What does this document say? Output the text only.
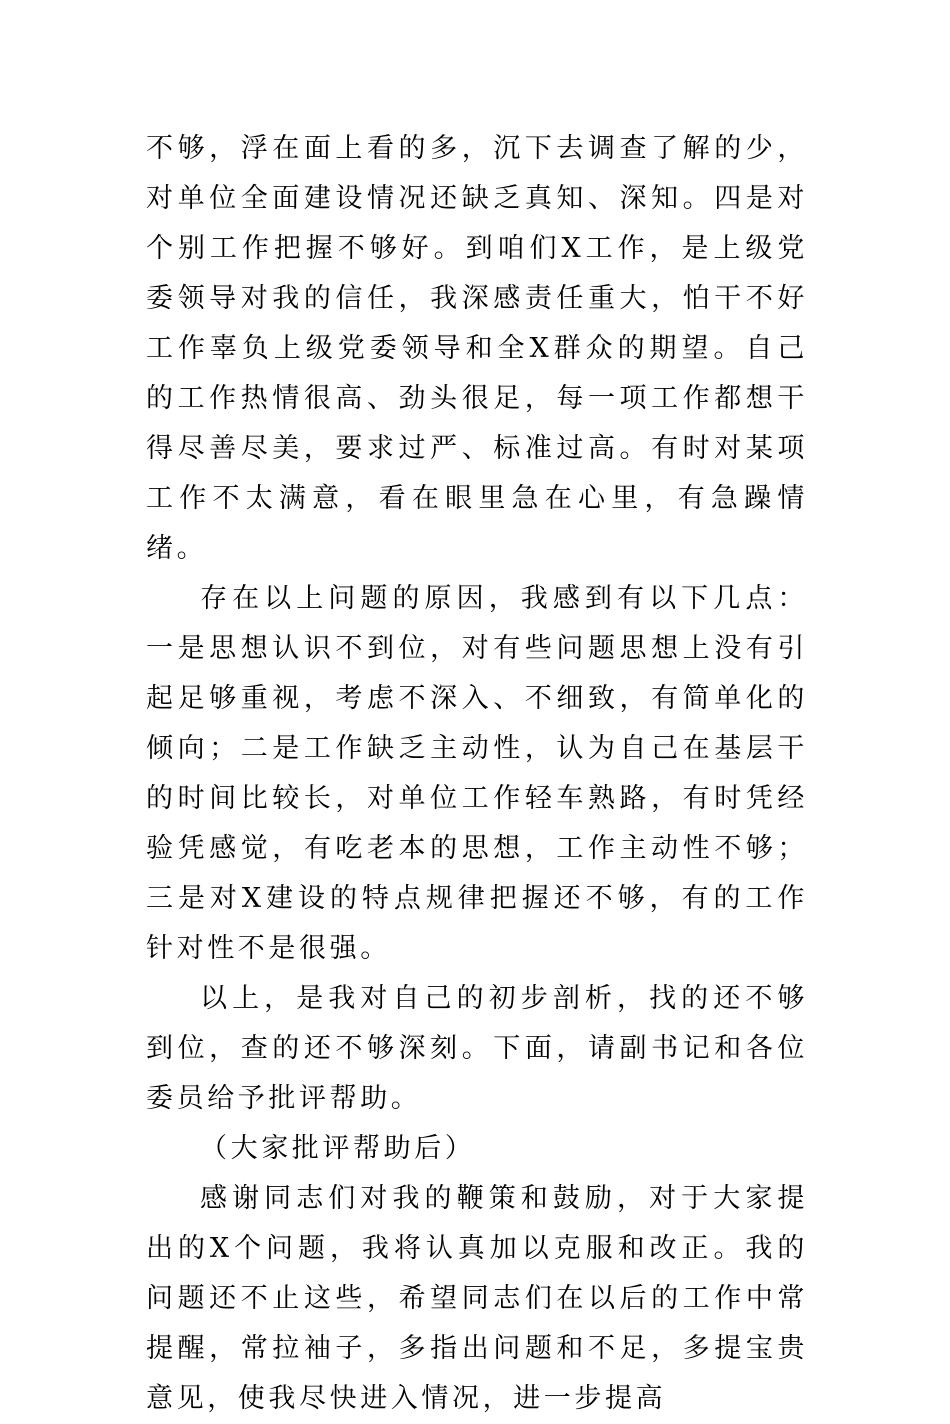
不够，浮在面上看的多，沉下去调查了解的少，对单位全面建设情况还缺乏真知、深知。四是对个别工作把握不够好。到咱们X工作，是上级党委领导对我的信任，我深感责任重大，怕干不好工作辜负上级党委领导和全X群众的期望。自己的工作热情很高、劲头很足，每一项工作都想干得尽善尽美，要求过严、标准过高。有时对某项工作不太满意，看在眼里急在心里，有急躁情绪。

存在以上问题的原因，我感到有以下几点：一是思想认识不到位，对有些问题思想上没有引起足够重视，考虑不深入、不细致，有简单化的倾向；二是工作缺乏主动性，认为自己在基层干的时间比较长，对单位工作轻车熟路，有时凭经验凭感觉，有吃老本的思想，工作主动性不够；三是对X建设的特点规律把握还不够，有的工作针对性不是很强。

以上，是我对自己的初步剖析，找的还不够到位，查的还不够深刻。下面，请副书记和各位委员给予批评帮助。

（大家批评帮助后）

感谢同志们对我的鞭策和鼓励，对于大家提出的X个问题，我将认真加以克服和改正。我的问题还不止这些，希望同志们在以后的工作中常提醒，常拉袖子，多指出问题和不足，多提宝贵意见，使我尽快进入情况，进一步提高
